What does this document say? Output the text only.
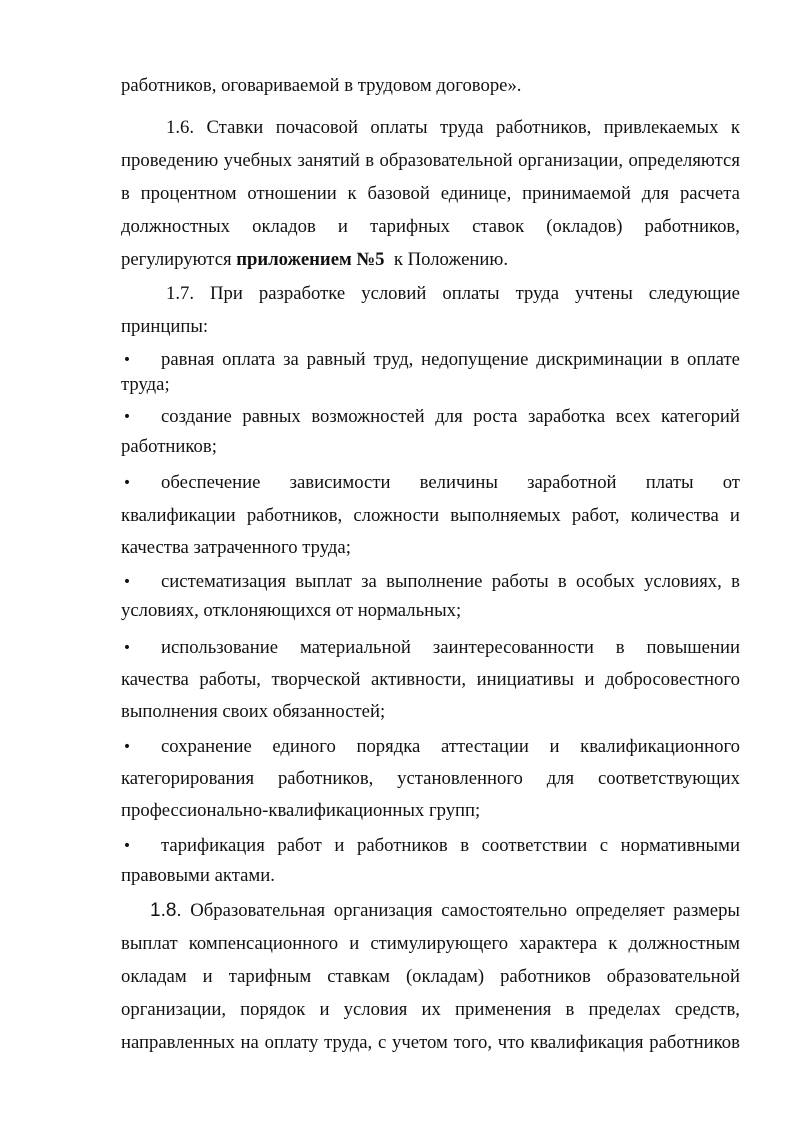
работников, оговариваемой в трудовом договоре».
1.6. Ставки почасовой оплаты труда работников, привлекаемых к
проведению учебных занятий в образовательной организации, определяются
в процентном отношении к базовой единице, принимаемой для расчета
должностных окладов и тарифных ставок (окладов) работников,
регулируются приложением №5 к Положению.
1.7. При разработке условий оплаты труда учтены следующие
принципы:
• равная оплата за равный труд, недопущение дискриминации в оплате
труда;
• создание равных возможностей для роста заработка всех категорий
работников;
• обеспечение зависимости величины заработной платы от
квалификации работников, сложности выполняемых работ, количества и
качества затраченного труда;
• систематизация выплат за выполнение работы в особых условиях, в
условиях, отклоняющихся от нормальных;
• использование материальной заинтересованности в повышении
качества работы, творческой активности, инициативы и добросовестного
выполнения своих обязанностей;
• сохранение единого порядка аттестации и квалификационного
категорирования работников, установленного для соответствующих
профессионально-квалификационных групп;
• тарификация работ и работников в соответствии с нормативными
правовыми актами.
1.8. Образовательная организация самостоятельно определяет размеры
выплат компенсационного и стимулирующего характера к должностным
окладам и тарифным ставкам (окладам) работников образовательной
организации, порядок и условия их применения в пределах средств,
направленных на оплату труда, с учетом того, что квалификация работников
